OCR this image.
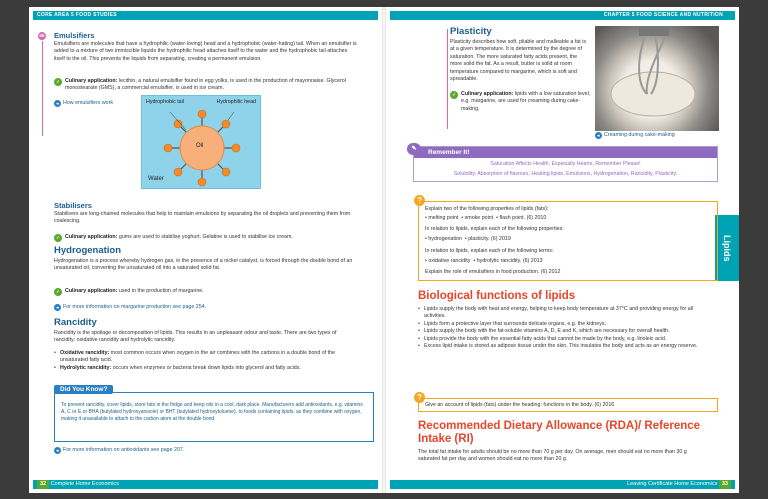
CORE AREA 5 FOOD STUDIES
5b Emulsifiers
Emulsifiers are molecules that have a hydrophilic (water-loving) head and a hydrophobic (water-hating) tail. When an emulsifier is added to a mixture of two immiscible liquids the hydrophilic head attaches itself to the water and the hydrophobic tail attaches itself to the oil. This prevents the liquids from separating, creating a permanent emulsion.
✓ Culinary application: lecithin, a natural emulsifier found in egg yolks, is used in the production of mayonnaise. Glycerol monostearate (GMS), a commercial emulsifier, is used in ice cream.
➜ How emulsifiers work	Hydrophobic tail	Hydrophilic head
Oil
Water
Stabilisers
Stabilisers are long-chained molecules that help to maintain emulsions by separating the oil droplets and preventing them from coalescing.
✓ Culinary application: gums are used to stabilise yoghurt. Gelatine is used to stabilise ice cream.
Hydrogenation
Hydrogenation is a process whereby hydrogen gas, in the presence of a nickel catalyst, is forced through the double bond of an unsaturated oil, converting the unsaturated oil into a saturated solid fat.
✓ Culinary application: used in the production of margarine.
➜ For more information on margarine production see page 254.
Rancidity
Rancidity is the spoilage or decomposition of lipids. This results in an unpleasant odour and taste. There are two types of rancidity: oxidative rancidity and hydrolytic rancidity.
• Oxidative rancidity: most common occurs when oxygen in the air combines with the carbons in a double bond of the unsaturated fatty acid.
• Hydrolytic rancidity: occurs when enzymes or bacteria break down lipids into glycerol and fatty acids.
Did You Know?
To prevent rancidity, cover lipids, store fats in the fridge and keep oils in a cool, dark place. Manufacturers add antioxidants, e.g. vitamins A, C or E or BHA (butylated hydroxyanisole) or BHT (butylated hydroxytoluene), to foods containing lipids, as they combine with oxygen, making it unavailable to attach to the carbon atom at the double bond.
➜ For more information on antioxidants see page 207.
32 Complete Home Economics
CHAPTER 5 FOOD SCIENCE AND NUTRITION
Lipids
Plasticity
Plasticity describes how soft, pliable and malleable a fat is at a given temperature. It is determined by the degree of saturation. The more saturated fatty acids present, the more solid the fat. As a result, butter is solid at room temperature compared to margarine, which is soft and spreadable.
✓ Culinary application: lipids with a low saturation level, e.g. margarine, are used for creaming during cake-making.
➜ Creaming during cake-making
Biological functions of lipids
• Lipids supply the body with heat and energy, helping to keep body temperature at 37°C and providing energy for all activities.
• Lipids form a protective layer that surrounds delicate organs, e.g. the kidneys.
• Lipids supply the body with the fat-soluble vitamins A, D, E and K, which are necessary for overall health.
• Lipids provide the body with the essential fatty acids that cannot be made by the body, e.g. linoleic acid.
• Excess lipid intake is stored as adipose tissue under the skin. This insulates the body and acts as an energy reserve.
Recommended Dietary Allowance (RDA)/ Reference Intake (RI)
The total fat intake for adults should be no more than 70 g per day. On average, men should eat no more than 30 g saturated fat per day and women should eat no more than 20 g.
Leaving Certificate Home Economics 33
Remember It!
Saturation Affects Health, Especially Hearts, Remember Please!
Solubility, Absorption of flavours, Heating lipids, Emulsions, Hydrogenation, Rancidity, Plasticity.
✎
?
Explain two of the following properties of lipids (fats):
• melting point  • smoke point  • flash point. (6) 2010
In relation to lipids, explain each of the following properties:
• hydrogenation  • plasticity. (6) 2019
In relation to lipids, explain each of the following terms:
• oxidative rancidity  • hydrolytic rancidity. (6) 2013
Explain the role of emulsifiers in food production. (6) 2012
?
Give an account of lipids (fats) under the heading: functions in the body. (6) 2016
